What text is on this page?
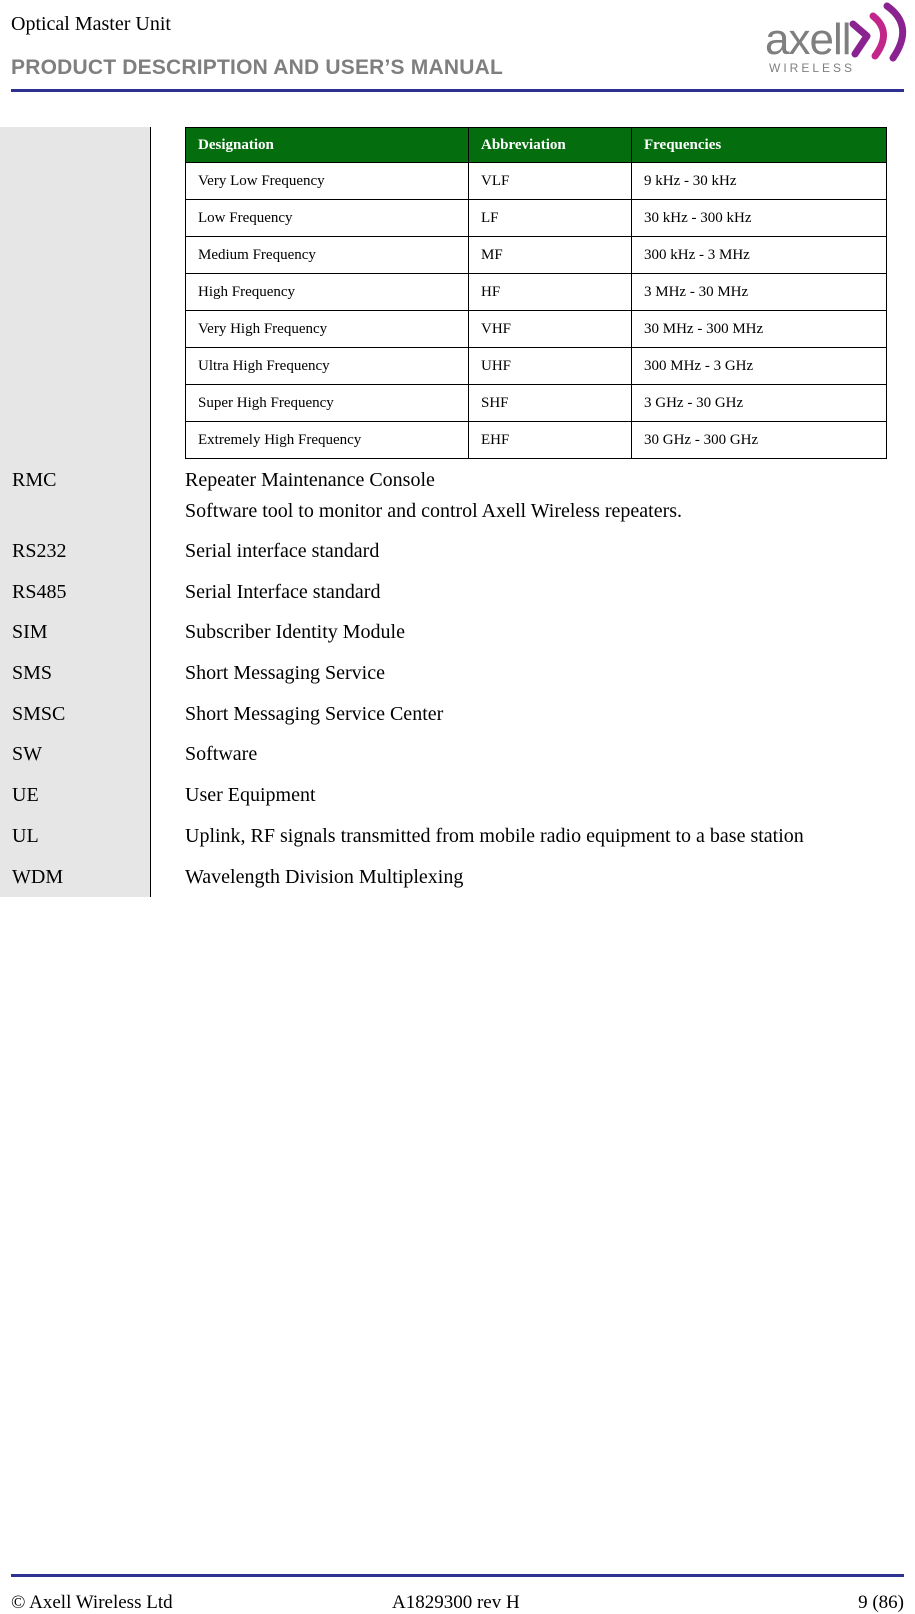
Optical Master Unit
PRODUCT DESCRIPTION AND USER’S MANUAL
axell
WIRELESS
Designation	Abbreviation	Frequencies
Very Low Frequency	VLF	9 kHz - 30 kHz
Low Frequency	LF	30 kHz - 300 kHz
Medium Frequency	MF	300 kHz - 3 MHz
High Frequency	HF	3 MHz - 30 MHz
Very High Frequency	VHF	30 MHz - 300 MHz
Ultra High Frequency	UHF	300 MHz - 3 GHz
Super High Frequency	SHF	3 GHz - 30 GHz
Extremely High Frequency	EHF	30 GHz - 300 GHz
RMC	Repeater Maintenance Console
Software tool to monitor and control Axell Wireless repeaters.
RS232	Serial interface standard
RS485	Serial Interface standard
SIM	Subscriber Identity Module
SMS	Short Messaging Service
SMSC	Short Messaging Service Center
SW	Software
UE	User Equipment
UL	Uplink, RF signals transmitted from mobile radio equipment to a base station
WDM	Wavelength Division Multiplexing
© Axell Wireless Ltd	A1829300 rev H	9 (86)
